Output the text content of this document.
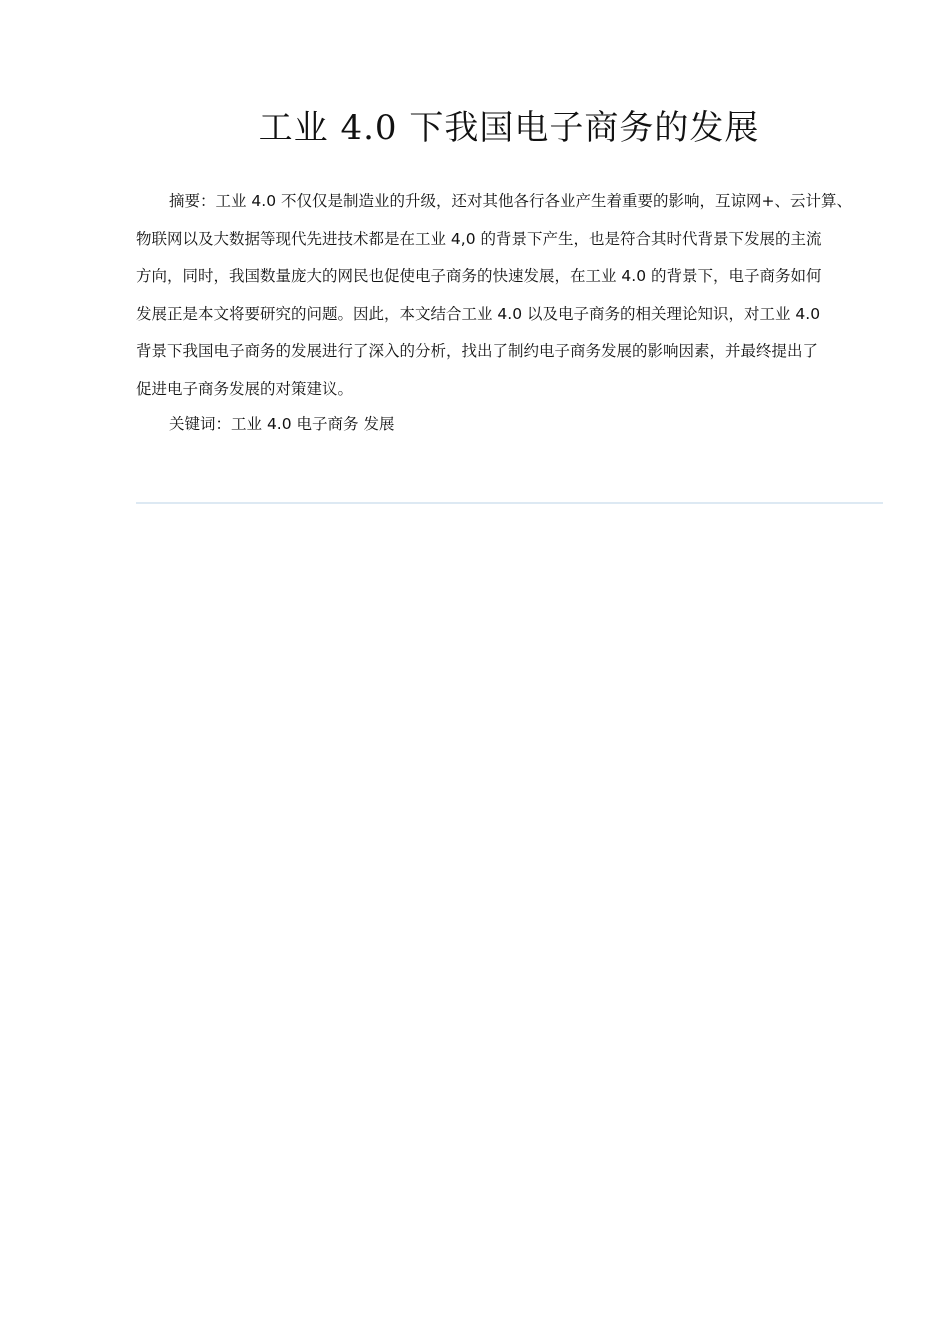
工业 4.0 下我国电子商务的发展
摘要：工业 4.0 不仅仅是制造业的升级，还对其他各行各业产生着重要的影响，互谅网+、云计算、
物联网以及大数据等现代先进技术都是在工业 4,0 的背景下产生，也是符合其时代背景下发展的主流
方向，同时，我国数量庞大的网民也促使电子商务的快速发展，在工业 4.0 的背景下，电子商务如何
发展正是本文将要研究的问题。因此，本文结合工业 4.0 以及电子商务的相关理论知识，对工业 4.0
背景下我国电子商务的发展进行了深入的分析，找出了制约电子商务发展的影响因素，并最终提出了
促进电子商务发展的对策建议。
关键词：工业 4.0 电子商务 发展
